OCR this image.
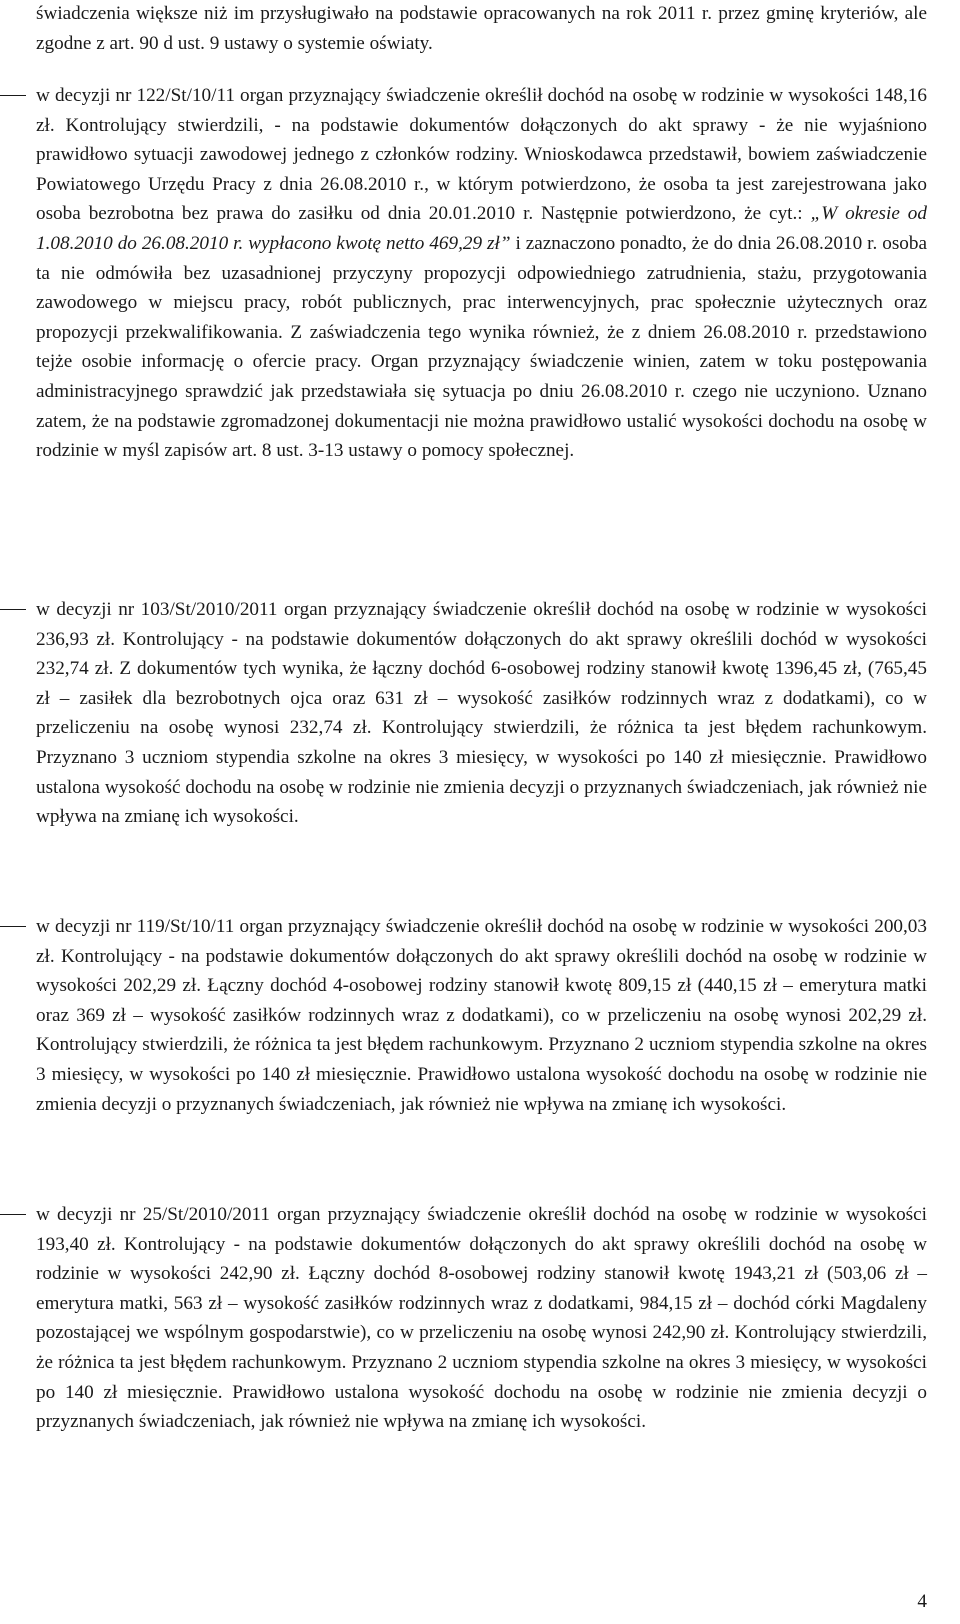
świadczenia większe niż im przysługiwało na podstawie opracowanych na rok 2011 r. przez gminę kryteriów, ale zgodne z art. 90 d ust. 9 ustawy o systemie oświaty.

w decyzji nr 122/St/10/11 organ przyznający świadczenie określił dochód na osobę w rodzinie w wysokości 148,16 zł. Kontrolujący stwierdzili, - na podstawie dokumentów dołączonych do akt sprawy - że nie wyjaśniono prawidłowo sytuacji zawodowej jednego z członków rodziny. Wnioskodawca przedstawił, bowiem zaświadczenie Powiatowego Urzędu Pracy z dnia 26.08.2010 r., w którym potwierdzono, że osoba ta jest zarejestrowana jako osoba bezrobotna bez prawa do zasiłku od dnia 20.01.2010 r. Następnie potwierdzono, że cyt.: „W okresie od 1.08.2010 do 26.08.2010 r. wypłacono kwotę netto 469,29 zł” i zaznaczono ponadto, że do dnia 26.08.2010 r. osoba ta nie odmówiła bez uzasadnionej przyczyny propozycji odpowiedniego zatrudnienia, stażu, przygotowania zawodowego w miejscu pracy, robót publicznych, prac interwencyjnych, prac społecznie użytecznych oraz propozycji przekwalifikowania. Z zaświadczenia tego wynika również, że z dniem 26.08.2010 r. przedstawiono tejże osobie informację o ofercie pracy. Organ przyznający świadczenie winien, zatem w toku postępowania administracyjnego sprawdzić jak przedstawiała się sytuacja po dniu 26.08.2010 r. czego nie uczyniono. Uznano zatem, że na podstawie zgromadzonej dokumentacji nie można prawidłowo ustalić wysokości dochodu na osobę w rodzinie w myśl zapisów art. 8 ust. 3-13 ustawy o pomocy społecznej.

w decyzji nr 103/St/2010/2011 organ przyznający świadczenie określił dochód na osobę w rodzinie w wysokości 236,93 zł. Kontrolujący - na podstawie dokumentów dołączonych do akt sprawy określili dochód w wysokości 232,74 zł. Z dokumentów tych wynika, że łączny dochód 6-osobowej rodziny stanowił kwotę 1396,45 zł, (765,45 zł – zasiłek dla bezrobotnych ojca oraz 631 zł – wysokość zasiłków rodzinnych wraz z dodatkami), co w przeliczeniu na osobę wynosi 232,74 zł. Kontrolujący stwierdzili, że różnica ta jest błędem rachunkowym. Przyznano 3 uczniom stypendia szkolne na okres 3 miesięcy, w wysokości po 140 zł miesięcznie. Prawidłowo ustalona wysokość dochodu na osobę w rodzinie nie zmienia decyzji o przyznanych świadczeniach, jak również nie wpływa na zmianę ich wysokości.

w decyzji nr 119/St/10/11 organ przyznający świadczenie określił dochód na osobę w rodzinie w wysokości 200,03 zł. Kontrolujący - na podstawie dokumentów dołączonych do akt sprawy określili dochód na osobę w rodzinie w wysokości 202,29 zł. Łączny dochód 4-osobowej rodziny stanowił kwotę 809,15 zł (440,15 zł – emerytura matki oraz 369 zł – wysokość zasiłków rodzinnych wraz z dodatkami), co w przeliczeniu na osobę wynosi 202,29 zł. Kontrolujący stwierdzili, że różnica ta jest błędem rachunkowym. Przyznano 2 uczniom stypendia szkolne na okres 3 miesięcy, w wysokości po 140 zł miesięcznie. Prawidłowo ustalona wysokość dochodu na osobę w rodzinie nie zmienia decyzji o przyznanych świadczeniach, jak również nie wpływa na zmianę ich wysokości.

w decyzji nr 25/St/2010/2011 organ przyznający świadczenie określił dochód na osobę w rodzinie w wysokości 193,40 zł. Kontrolujący - na podstawie dokumentów dołączonych do akt sprawy określili dochód na osobę w rodzinie w wysokości 242,90 zł. Łączny dochód 8-osobowej rodziny stanowił kwotę 1943,21 zł (503,06 zł – emerytura matki, 563 zł – wysokość zasiłków rodzinnych wraz z dodatkami, 984,15 zł – dochód córki Magdaleny pozostającej we wspólnym gospodarstwie), co w przeliczeniu na osobę wynosi 242,90 zł. Kontrolujący stwierdzili, że różnica ta jest błędem rachunkowym. Przyznano 2 uczniom stypendia szkolne na okres 3 miesięcy, w wysokości po 140 zł miesięcznie. Prawidłowo ustalona wysokość dochodu na osobę w rodzinie nie zmienia decyzji o przyznanych świadczeniach, jak również nie wpływa na zmianę ich wysokości.

4
